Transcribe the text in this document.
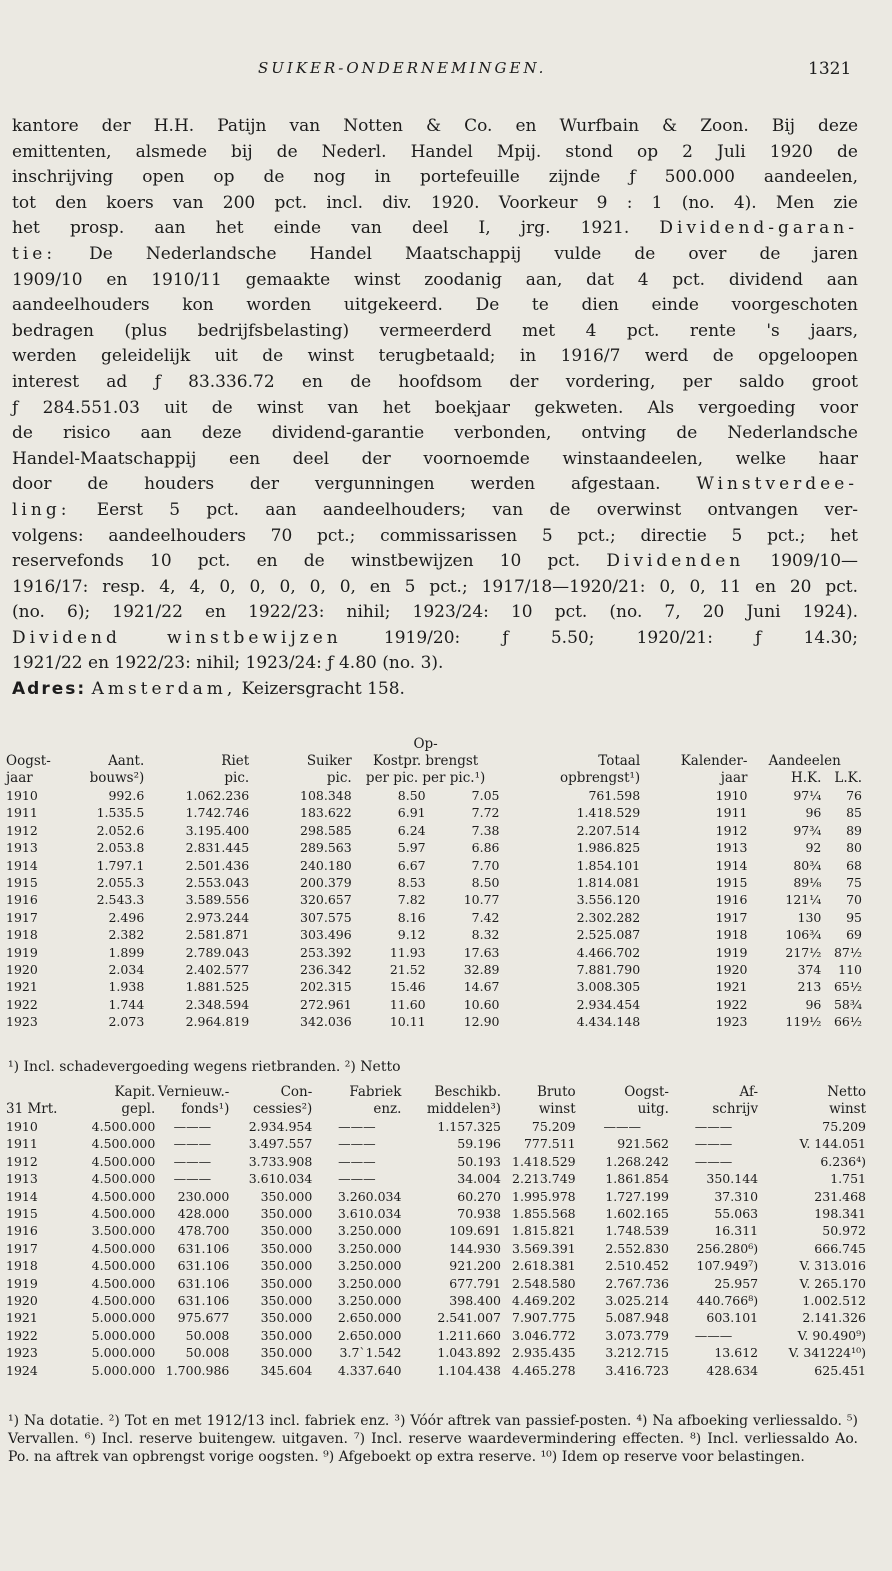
SUIKER-ONDERNEMINGEN.	1321

kantore der H.H. Patijn van Notten & Co. en Wurfbain & Zoon. Bij deze

emittenten, alsmede bij de Nederl. Handel Mpij. stond op 2 Juli 1920 de

inschrijving open op de nog in portefeuille zijnde ƒ 500.000 aandeelen,

tot den koers van 200 pct. incl. div. 1920. Voorkeur 9 : 1 (no. 4). Men zie

het prosp. aan het einde van deel I, jrg. 1921. Dividend-garan-

tie: De Nederlandsche Handel Maatschappij vulde de over de jaren

1909/10 en 1910/11 gemaakte winst zoodanig aan, dat 4 pct. dividend aan

aandeelhouders kon worden uitgekeerd. De te dien einde voorgeschoten

bedragen (plus bedrijfsbelasting) vermeerderd met 4 pct. rente 's jaars,

werden geleidelijk uit de winst terugbetaald; in 1916/7 werd de opgeloopen

interest ad ƒ 83.336.72 en de hoofdsom der vordering, per saldo groot

ƒ 284.551.03 uit de winst van het boekjaar gekweten. Als vergoeding voor

de risico aan deze dividend-garantie verbonden, ontving de Nederlandsche

Handel-Maatschappij een deel der voornoemde winstaandeelen, welke haar

door de houders der vergunningen werden afgestaan. Winstverdee-

ling: Eerst 5 pct. aan aandeelhouders; van de overwinst ontvangen ver-

volgens: aandeelhouders 70 pct.; commissarissen 5 pct.; directie 5 pct.; het

reservefonds 10 pct. en de winstbewijzen 10 pct. Dividenden 1909/10—

1916/17: resp. 4, 4, 0, 0, 0, 0, 0, en 5 pct.; 1917/18—1920/21: 0, 0, 11 en 20 pct.

(no. 6); 1921/22 en 1922/23: nihil; 1923/24: 10 pct. (no. 7, 20 Juni 1924).

Dividend winstbewijzen 1919/20: ƒ 5.50; 1920/21: ƒ 14.30;

1921/22 en 1922/23: nihil; 1923/24: ƒ 4.80 (no. 3).

Adres: Amsterdam, Keizersgracht 158.

				Op-					
Oogst-	Aant.	Riet	Suiker	Kostpr. brengst		Totaal	Kalender-	Aandeelen	
jaar	bouws²)	pic.	pic.	per pic. per pic.¹)		opbrengst¹)	jaar	H.K.	L.K.
1910	992.6	1.062.236	108.348	8.50	7.05	761.598	1910	97¼	76
1911	1.535.5	1.742.746	183.622	6.91	7.72	1.418.529	1911	96	85
1912	2.052.6	3.195.400	298.585	6.24	7.38	2.207.514	1912	97¾	89
1913	2.053.8	2.831.445	289.563	5.97	6.86	1.986.825	1913	92	80
1914	1.797.1	2.501.436	240.180	6.67	7.70	1.854.101	1914	80¾	68
1915	2.055.3	2.553.043	200.379	8.53	8.50	1.814.081	1915	89⅛	75
1916	2.543.3	3.589.556	320.657	7.82	10.77	3.556.120	1916	121¼	70
1917	2.496	2.973.244	307.575	8.16	7.42	2.302.282	1917	130	95
1918	2.382	2.581.871	303.496	9.12	8.32	2.525.087	1918	106¾	69
1919	1.899	2.789.043	253.392	11.93	17.63	4.466.702	1919	217½	87½
1920	2.034	2.402.577	236.342	21.52	32.89	7.881.790	1920	374	110
1921	1.938	1.881.525	202.315	15.46	14.67	3.008.305	1921	213	65½
1922	1.744	2.348.594	272.961	11.60	10.60	2.934.454	1922	96	58¾
1923	2.073	2.964.819	342.036	10.11	12.90	4.434.148	1923	119½	66½
¹) Incl. schadevergoeding wegens rietbranden. ²) Netto
	Kapit.	Vernieuw.-	Con-	Fabriek	Beschikb.	Bruto	Oogst-	Af-	Netto
31 Mrt.	gepl.	fonds¹)	cessies²)	enz.	middelen³)	winst	uitg.	schrijv	winst
1910	4.500.000	———	2.934.954	———	1.157.325	75.209	———	———	75.209
1911	4.500.000	———	3.497.557	———	59.196	777.511	921.562	———	V. 144.051
1912	4.500.000	———	3.733.908	———	50.193	1.418.529	1.268.242	———	6.236⁴)
1913	4.500.000	———	3.610.034	———	34.004	2.213.749	1.861.854	350.144	1.751
1914	4.500.000	230.000	350.000	3.260.034	60.270	1.995.978	1.727.199	37.310	231.468
1915	4.500.000	428.000	350.000	3.610.034	70.938	1.855.568	1.602.165	55.063	198.341
1916	3.500.000	478.700	350.000	3.250.000	109.691	1.815.821	1.748.539	16.311	50.972
1917	4.500.000	631.106	350.000	3.250.000	144.930	3.569.391	2.552.830	256.280⁶)	666.745
1918	4.500.000	631.106	350.000	3.250.000	921.200	2.618.381	2.510.452	107.949⁷)	V. 313.016
1919	4.500.000	631.106	350.000	3.250.000	677.791	2.548.580	2.767.736	25.957	V. 265.170
1920	4.500.000	631.106	350.000	3.250.000	398.400	4.469.202	3.025.214	440.766⁸)	1.002.512
1921	5.000.000	975.677	350.000	2.650.000	2.541.007	7.907.775	5.087.948	603.101	2.141.326
1922	5.000.000	50.008	350.000	2.650.000	1.211.660	3.046.772	3.073.779	———	V. 90.490⁹)
1923	5.000.000	50.008	350.000	3.7`1.542	1.043.892	2.935.435	3.212.715	13.612	V. 341224¹⁰)
1924	5.000.000	1.700.986	345.604	4.337.640	1.104.438	4.465.278	3.416.723	428.634	625.451
¹) Na dotatie. ²) Tot en met 1912/13 incl. fabriek enz. ³) Vóór aftrek van passief-posten. ⁴) Na afboeking verliessaldo. ⁵) Vervallen. ⁶) Incl. reserve buitengew. uitgaven. ⁷) Incl. reserve waardevermindering effecten. ⁸) Incl. verliessaldo Ao. Po. na aftrek van opbrengst vorige oogsten. ⁹) Afgeboekt op extra reserve. ¹⁰) Idem op reserve voor belastingen.
